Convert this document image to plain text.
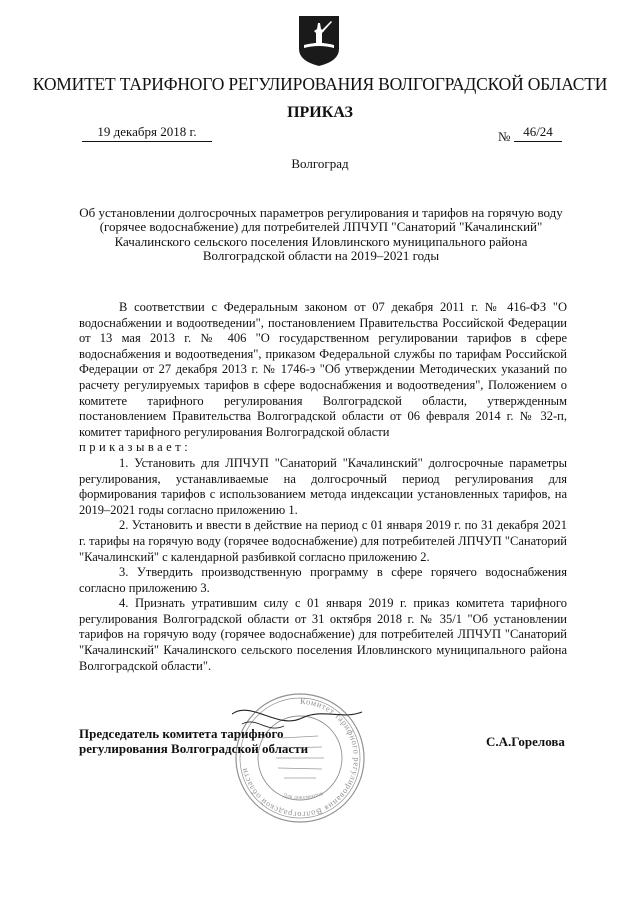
КОМИТЕТ ТАРИФНОГО РЕГУЛИРОВАНИЯ ВОЛГОГРАДСКОЙ ОБЛАСТИ
ПРИКАЗ
19 декабря 2018 г.	№ 46/24
Волгоград
Об установлении долгосрочных параметров регулирования и тарифов на горячую воду
(горячее водоснабжение) для потребителей ЛПЧУП "Санаторий "Качалинский"
Качалинского сельского поселения Иловлинского муниципального района
Волгоградской области на 2019–2021 годы

В соответствии с Федеральным законом от 07 декабря 2011 г. № 416-ФЗ "О водоснабжении и водоотведении", постановлением Правительства Российской Федерации от 13 мая 2013 г. № 406 "О государственном регулировании тарифов в сфере водоснабжения и водоотведения", приказом Федеральной службы по тарифам Российской Федерации от 27 декабря 2013 г. № 1746-э "Об утверждении Методических указаний по расчету регулируемых тарифов в сфере водоснабжения и водоотведения", Положением о комитете тарифного регулирования Волгоградской области, утвержденным постановлением Правительства Волгоградской области от 06 февраля 2014 г. № 32-п, комитет тарифного регулирования Волгоградской области

приказывает:

1. Установить для ЛПЧУП "Санаторий "Качалинский" долгосрочные параметры регулирования, устанавливаемые на долгосрочный период регулирования для формирования тарифов с использованием метода индексации установленных тарифов, на 2019–2021 годы согласно приложению 1.

2. Установить и ввести в действие на период с 01 января 2019 г. по 31 декабря 2021 г. тарифы на горячую воду (горячее водоснабжение) для потребителей ЛПЧУП "Санаторий "Качалинский" с календарной разбивкой согласно приложению 2.

3. Утвердить производственную программу в сфере горячего водоснабжения согласно приложению 3.

4. Признать утратившим силу с 01 января 2019 г. приказ комитета тарифного регулирования Волгоградской области от 31 октября 2018 г. № 35/1 "Об установлении тарифов на горячую воду (горячее водоснабжение) для потребителей ЛПЧУП "Санаторий "Качалинский" Качалинского сельского поселения Иловлинского муниципального района Волгоградской области".

Председатель комитета тарифного
регулирования Волгоградской области	С.А.Горелова
Комитет тарифного регулирования Волгоградской области
Для документов
